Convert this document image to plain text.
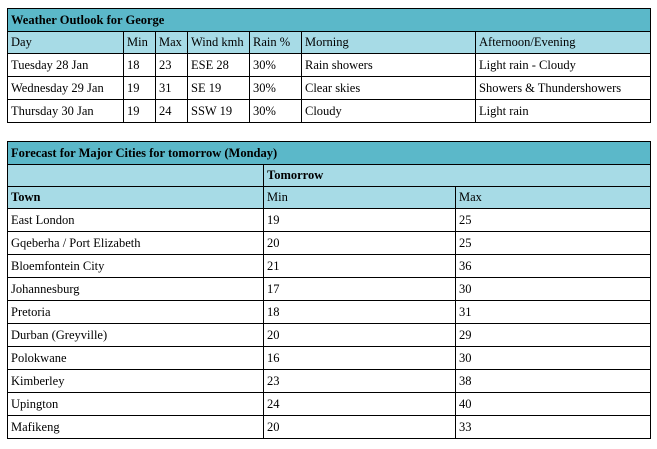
Weather Outlook for George						
Day	Min	Max	Wind kmh	Rain %	Morning	Afternoon/Evening
Tuesday 28 Jan	18	23	ESE 28	30%	Rain showers	Light rain - Cloudy
Wednesday 29 Jan	19	31	SE 19	30%	Clear skies	Showers & Thundershowers
Thursday 30 Jan	19	24	SSW 19	30%	Cloudy	Light rain
Forecast for Major Cities for tomorrow (Monday)		
	Tomorrow	
Town	Min	Max
East London	19	25
Gqeberha / Port Elizabeth	20	25
Bloemfontein City	21	36
Johannesburg	17	30
Pretoria	18	31
Durban (Greyville)	20	29
Polokwane	16	30
Kimberley	23	38
Upington	24	40
Mafikeng	20	33
